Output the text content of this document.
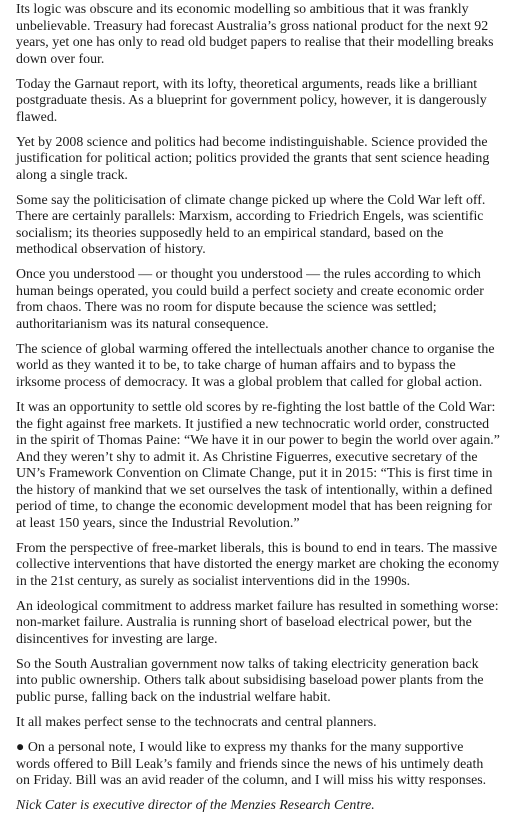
Its logic was obscure and its economic modelling so ambitious that it was frankly unbelievable. Treasury had forecast Australia’s gross national product for the next 92 years, yet one has only to read old budget papers to realise that their modelling breaks down over four.

Today the Garnaut report, with its lofty, theoretical arguments, reads like a brilliant postgraduate thesis. As a blueprint for government policy, however, it is dangerously flawed.

Yet by 2008 science and politics had become indistinguishable. Science provided the justification for political action; politics provided the grants that sent science heading along a single track.

Some say the politicisation of climate change picked up where the Cold War left off. There are certainly parallels: Marxism, according to Friedrich Engels, was scientific socialism; its theories supposedly held to an empirical standard, based on the methodical observation of history.

Once you understood — or thought you understood — the rules according to which human beings operated, you could build a perfect society and create economic order from chaos. There was no room for dispute because the science was settled; authoritarianism was its natural consequence.

The science of global warming offered the intellectuals another chance to organise the world as they wanted it to be, to take charge of human affairs and to bypass the irksome process of democracy. It was a global problem that called for global action.

It was an opportunity to settle old scores by re-fighting the lost battle of the Cold War: the fight against free markets. It justified a new technocratic world order, constructed in the spirit of Thomas Paine: “We have it in our power to begin the world over again.” And they weren’t shy to admit it. As Christine Figuerres, executive secretary of the UN’s Framework Convention on Climate Change, put it in 2015: “This is first time in the history of mankind that we set ourselves the task of intentionally, within a defined period of time, to change the economic development model that has been reigning for at least 150 years, since the Industrial Revolution.”

From the perspective of free-market liberals, this is bound to end in tears. The massive collective interventions that have distorted the energy market are choking the economy in the 21st century, as surely as socialist interventions did in the 1990s.

An ideological commitment to address market failure has resulted in something worse: non-market failure. Australia is running short of baseload electrical power, but the disincentives for investing are large.

So the South Australian government now talks of taking electricity generation back into public ownership. Others talk about subsidising baseload power plants from the public purse, falling back on the industrial welfare habit.

It all makes perfect sense to the technocrats and central planners.

● On a personal note, I would like to express my thanks for the many supportive words offered to Bill Leak’s family and friends since the news of his untimely death on Friday. Bill was an avid reader of the column, and I will miss his witty responses.

Nick Cater is executive director of the Menzies Research Centre.
